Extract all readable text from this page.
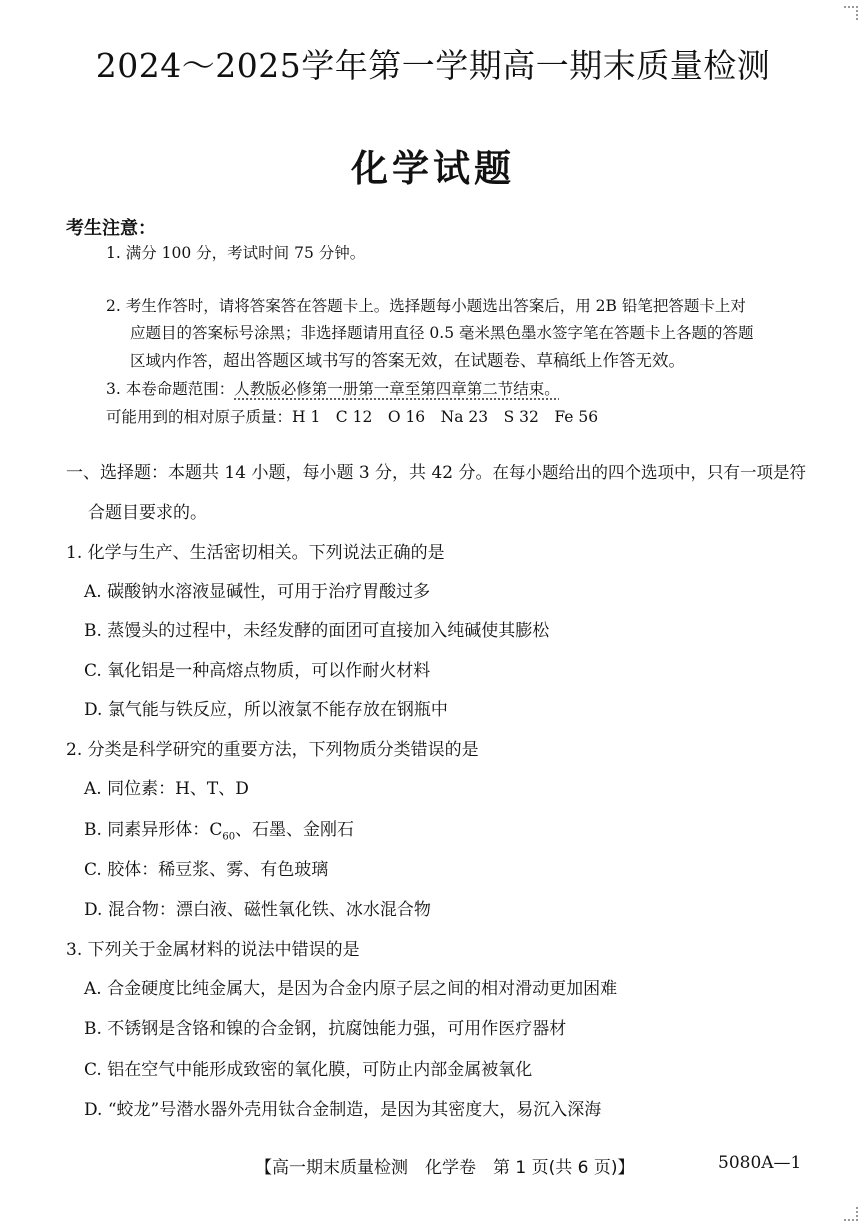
2024～2025学年第一学期高一期末质量检测
化学试题
考生注意：
1. 满分 100 分，考试时间 75 分钟。
2. 考生作答时，请将答案答在答题卡上。选择题每小题选出答案后，用 2B 铅笔把答题卡上对
应题目的答案标号涂黑；非选择题请用直径 0.5 毫米黑色墨水签字笔在答题卡上各题的答题
区域内作答，超出答题区域书写的答案无效，在试题卷、草稿纸上作答无效。
3. 本卷命题范围：人教版必修第一册第一章至第四章第二节结束。
可能用到的相对原子质量：H 1　C 12　O 16　Na 23　S 32　Fe 56
一、选择题：本题共 14 小题，每小题 3 分，共 42 分。在每小题给出的四个选项中，只有一项是符
合题目要求的。
1. 化学与生产、生活密切相关。下列说法正确的是
A. 碳酸钠水溶液显碱性，可用于治疗胃酸过多
B. 蒸馒头的过程中，未经发酵的面团可直接加入纯碱使其膨松
C. 氧化铝是一种高熔点物质，可以作耐火材料
D. 氯气能与铁反应，所以液氯不能存放在钢瓶中
2. 分类是科学研究的重要方法，下列物质分类错误的是
A. 同位素：H、T、D
B. 同素异形体：$C_{60}$、石墨、金刚石
C. 胶体：稀豆浆、雾、有色玻璃
D. 混合物：漂白液、磁性氧化铁、冰水混合物
3. 下列关于金属材料的说法中错误的是
A. 合金硬度比纯金属大，是因为合金内原子层之间的相对滑动更加困难
B. 不锈钢是含铬和镍的合金钢，抗腐蚀能力强，可用作医疗器材
C. 铝在空气中能形成致密的氧化膜，可防止内部金属被氧化
D. “蛟龙”号潜水器外壳用钛合金制造，是因为其密度大，易沉入深海
【高一期末质量检测　化学卷　第 1 页(共 6 页)】	5080A—1
